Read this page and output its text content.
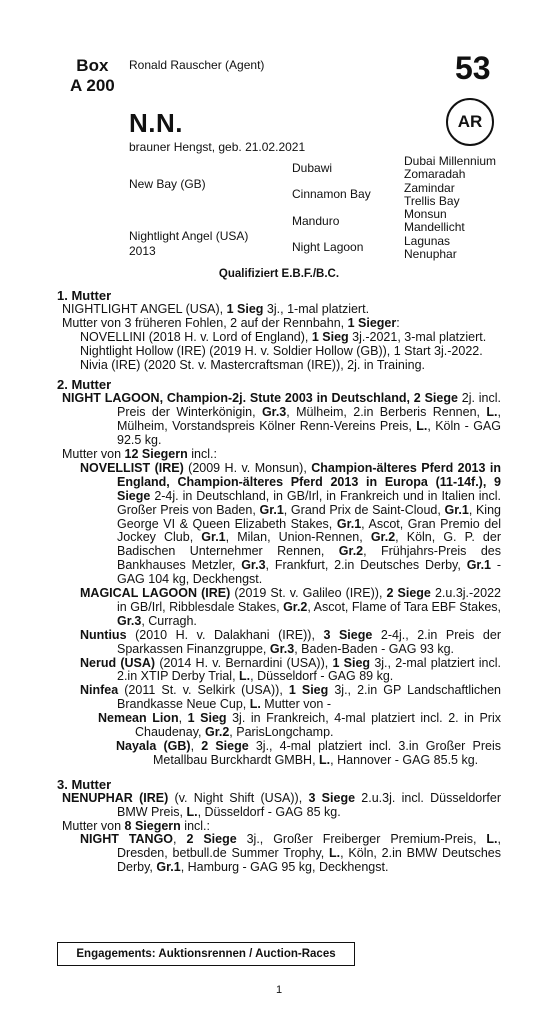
Box
A 200
Ronald Rauscher (Agent)	53
AR
N.N.
brauner Hengst, geb. 21.02.2021
New Bay (GB)
Nightlight Angel (USA)
2013
Dubawi
Cinnamon Bay
Manduro
Night Lagoon
Dubai Millennium
Zomaradah
Zamindar
Trellis Bay
Monsun
Mandellicht
Lagunas
Nenuphar
Qualifiziert E.B.F./B.C.

1. Mutter

NIGHTLIGHT ANGEL (USA), 1 Sieg 3j., 1-mal platziert.

Mutter von 3 früheren Fohlen, 2 auf der Rennbahn, 1 Sieger:

NOVELLINI (2018 H. v. Lord of England), 1 Sieg 3j.-2021, 3-mal platziert.

Nightlight Hollow (IRE) (2019 H. v. Soldier Hollow (GB)), 1 Start 3j.-2022.

Nivia (IRE) (2020 St. v. Mastercraftsman (IRE)), 2j. in Training.

2. Mutter

NIGHT LAGOON, Champion-2j. Stute 2003 in Deutschland, 2 Siege 2j. incl. Preis der Winterkönigin, Gr.3, Mülheim, 2.in Berberis Rennen, L., Mülheim, Vorstandspreis Kölner Renn-Vereins Preis, L., Köln - GAG 92.5 kg.

Mutter von 12 Siegern incl.:

NOVELLIST (IRE) (2009 H. v. Monsun), Champion-älteres Pferd 2013 in England, Champion-älteres Pferd 2013 in Europa (11-14f.), 9 Siege 2-4j. in Deutschland, in GB/Irl, in Frankreich und in Italien incl. Großer Preis von Baden, Gr.1, Grand Prix de Saint-Cloud, Gr.1, King George VI & Queen Elizabeth Stakes, Gr.1, Ascot, Gran Premio del Jockey Club, Gr.1, Milan, Union-Rennen, Gr.2, Köln, G. P. der Badischen Unternehmer Rennen, Gr.2, Frühjahrs-Preis des Bankhauses Metzler, Gr.3, Frankfurt, 2.in Deutsches Derby, Gr.1 - GAG 104 kg, Deckhengst.

MAGICAL LAGOON (IRE) (2019 St. v. Galileo (IRE)), 2 Siege 2.u.3j.-2022 in GB/Irl, Ribblesdale Stakes, Gr.2, Ascot, Flame of Tara EBF Stakes, Gr.3, Curragh.

Nuntius (2010 H. v. Dalakhani (IRE)), 3 Siege 2-4j., 2.in Preis der Sparkassen Finanzgruppe, Gr.3, Baden-Baden - GAG 93 kg.

Nerud (USA) (2014 H. v. Bernardini (USA)), 1 Sieg 3j., 2-mal platziert incl. 2.in XTIP Derby Trial, L., Düsseldorf - GAG 89 kg.

Ninfea (2011 St. v. Selkirk (USA)), 1 Sieg 3j., 2.in GP Landschaftlichen Brandkasse Neue Cup, L. Mutter von -

Nemean Lion, 1 Sieg 3j. in Frankreich, 4-mal platziert incl. 2. in Prix Chaudenay, Gr.2, ParisLongchamp.

Nayala (GB), 2 Siege 3j., 4-mal platziert incl. 3.in Großer Preis Metallbau Burckhardt GMBH, L., Hannover - GAG 85.5 kg.

3. Mutter

NENUPHAR (IRE) (v. Night Shift (USA)), 3 Siege 2.u.3j. incl. Düsseldorfer BMW Preis, L., Düsseldorf - GAG 85 kg.

Mutter von 8 Siegern incl.:

NIGHT TANGO, 2 Siege 3j., Großer Freiberger Premium-Preis, L., Dresden, betbull.de Summer Trophy, L., Köln, 2.in BMW Deutsches Derby, Gr.1, Hamburg - GAG 95 kg, Deckhengst.

Engagements: Auktionsrennen / Auction-Races
1
